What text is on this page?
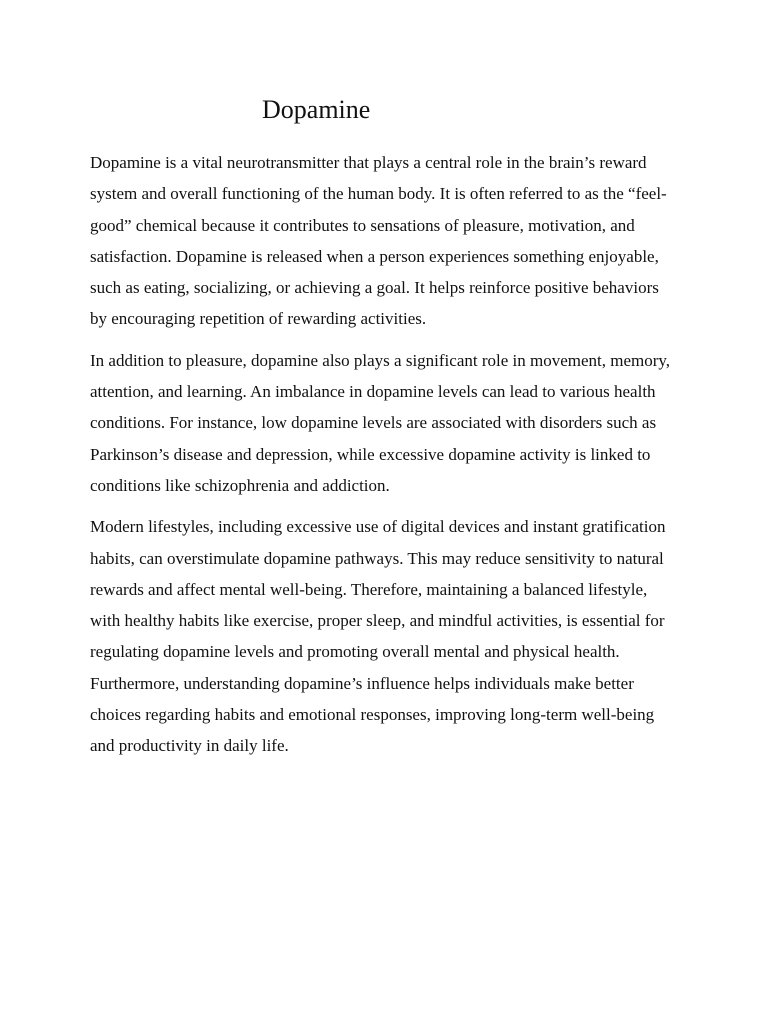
Dopamine

Dopamine is a vital neurotransmitter that plays a central role in the brain’s reward system and overall functioning of the human body. It is often referred to as the “feel-good” chemical because it contributes to sensations of pleasure, motivation, and satisfaction. Dopamine is released when a person experiences something enjoyable, such as eating, socializing, or achieving a goal. It helps reinforce positive behaviors by encouraging repetition of rewarding activities.

In addition to pleasure, dopamine also plays a significant role in movement, memory, attention, and learning. An imbalance in dopamine levels can lead to various health conditions. For instance, low dopamine levels are associated with disorders such as Parkinson’s disease and depression, while excessive dopamine activity is linked to conditions like schizophrenia and addiction.

Modern lifestyles, including excessive use of digital devices and instant gratification habits, can overstimulate dopamine pathways. This may reduce sensitivity to natural rewards and affect mental well-being. Therefore, maintaining a balanced lifestyle, with healthy habits like exercise, proper sleep, and mindful activities, is essential for regulating dopamine levels and promoting overall mental and physical health. Furthermore, understanding dopamine’s influence helps individuals make better choices regarding habits and emotional responses, improving long-term well-being and productivity in daily life.
